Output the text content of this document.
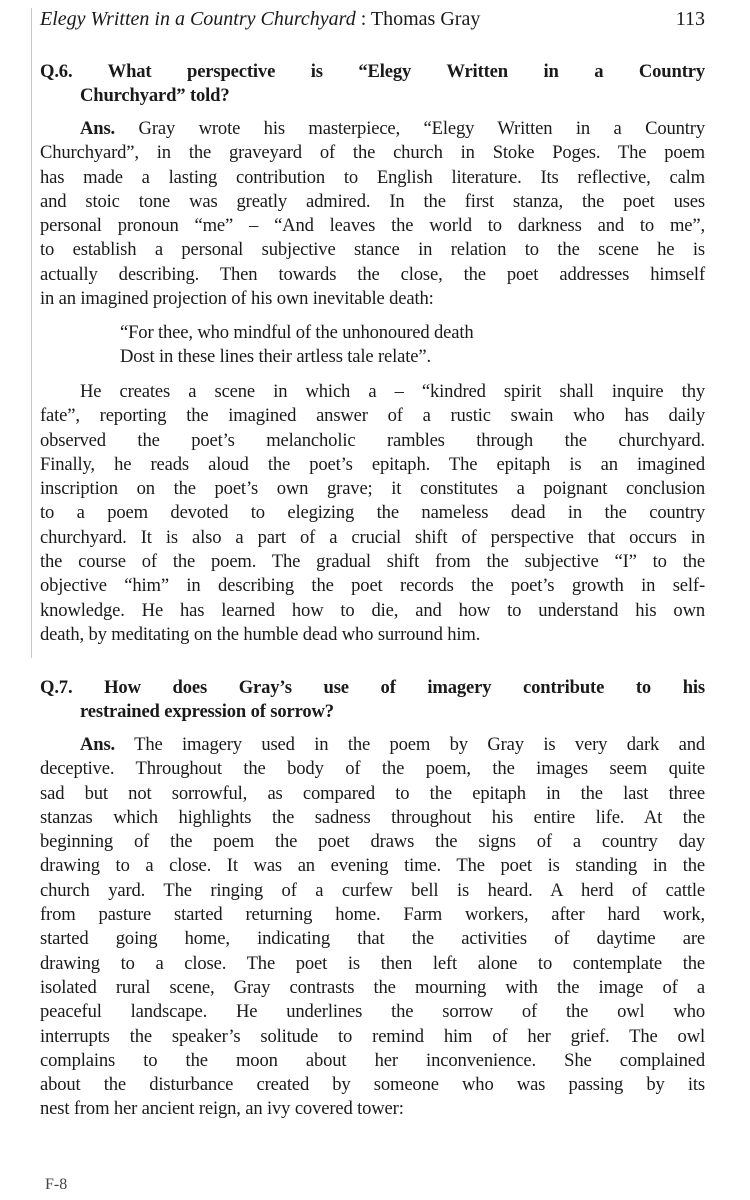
Elegy Written in a Country Churchyard : Thomas Gray	113
Q.6. What perspective is “Elegy Written in a Country
Churchyard” told?
Ans. Gray wrote his masterpiece, “Elegy Written in a Country
Churchyard”, in the graveyard of the church in Stoke Poges. The poem
has made a lasting contribution to English literature. Its reflective, calm
and stoic tone was greatly admired. In the first stanza, the poet uses
personal pronoun “me” – “And leaves the world to darkness and to me”,
to establish a personal subjective stance in relation to the scene he is
actually describing. Then towards the close, the poet addresses himself
in an imagined projection of his own inevitable death:
“For thee, who mindful of the unhonoured death
Dost in these lines their artless tale relate”.
He creates a scene in which a – “kindred spirit shall inquire thy
fate”, reporting the imagined answer of a rustic swain who has daily
observed the poet’s melancholic rambles through the churchyard.
Finally, he reads aloud the poet’s epitaph. The epitaph is an imagined
inscription on the poet’s own grave; it constitutes a poignant conclusion
to a poem devoted to elegizing the nameless dead in the country
churchyard. It is also a part of a crucial shift of perspective that occurs in
the course of the poem. The gradual shift from the subjective “I” to the
objective “him” in describing the poet records the poet’s growth in self-
knowledge. He has learned how to die, and how to understand his own
death, by meditating on the humble dead who surround him.
Q.7. How does Gray’s use of imagery contribute to his
restrained expression of sorrow?
Ans. The imagery used in the poem by Gray is very dark and
deceptive. Throughout the body of the poem, the images seem quite
sad but not sorrowful, as compared to the epitaph in the last three
stanzas which highlights the sadness throughout his entire life. At the
beginning of the poem the poet draws the signs of a country day
drawing to a close. It was an evening time. The poet is standing in the
church yard. The ringing of a curfew bell is heard. A herd of cattle
from pasture started returning home. Farm workers, after hard work,
started going home, indicating that the activities of daytime are
drawing to a close. The poet is then left alone to contemplate the
isolated rural scene, Gray contrasts the mourning with the image of a
peaceful landscape. He underlines the sorrow of the owl who
interrupts the speaker’s solitude to remind him of her grief. The owl
complains to the moon about her inconvenience. She complained
about the disturbance created by someone who was passing by its
nest from her ancient reign, an ivy covered tower:
F-8
